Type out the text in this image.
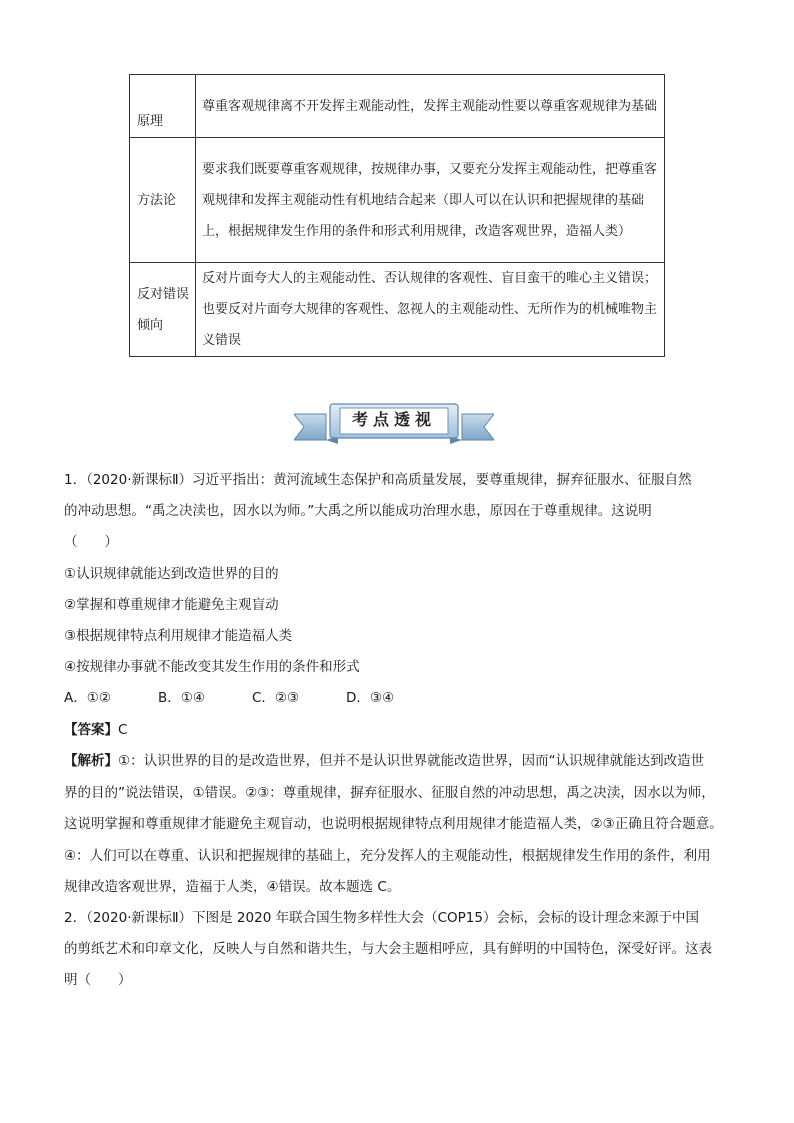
原理	尊重客观规律离不开发挥主观能动性，发挥主观能动性要以尊重客观规律为基础
方法论	要求我们既要尊重客观规律，按规律办事，又要充分发挥主观能动性，把尊重客观规律和发挥主观能动性有机地结合起来（即人可以在认识和把握规律的基础上，根据规律发生作用的条件和形式利用规律，改造客观世界，造福人类）
反对错误倾向	反对片面夸大人的主观能动性、否认规律的客观性、盲目蛮干的唯心主义错误；也要反对片面夸大规律的客观性、忽视人的主观能动性、无所作为的机械唯物主义错误
考点透视
1．（2020·新课标Ⅱ）习近平指出：黄河流域生态保护和高质量发展，要尊重规律，摒弃征服水、征服自然
的冲动思想。“禹之决渎也，因水以为师。”大禹之所以能成功治理水患，原因在于尊重规律。这说明
（　　）
①认识规律就能达到改造世界的目的
②掌握和尊重规律才能避免主观盲动
③根据规律特点利用规律才能造福人类
④按规律办事就不能改变其发生作用的条件和形式
A．①②	B．①④	C．②③	D．③④
【答案】C
【解析】①：认识世界的目的是改造世界，但并不是认识世界就能改造世界，因而“认识规律就能达到改造世
界的目的”说法错误，①错误。②③：尊重规律，摒弃征服水、征服自然的冲动思想，禹之决渎，因水以为师，
这说明掌握和尊重规律才能避免主观盲动，也说明根据规律特点利用规律才能造福人类，②③正确且符合题意。
④：人们可以在尊重、认识和把握规律的基础上，充分发挥人的主观能动性，根据规律发生作用的条件，利用
规律改造客观世界，造福于人类，④错误。故本题选 C。
2．（2020·新课标Ⅱ）下图是 2020 年联合国生物多样性大会（COP15）会标，会标的设计理念来源于中国
的剪纸艺术和印章文化，反映人与自然和谐共生，与大会主题相呼应，具有鲜明的中国特色，深受好评。这表
明（　　）
